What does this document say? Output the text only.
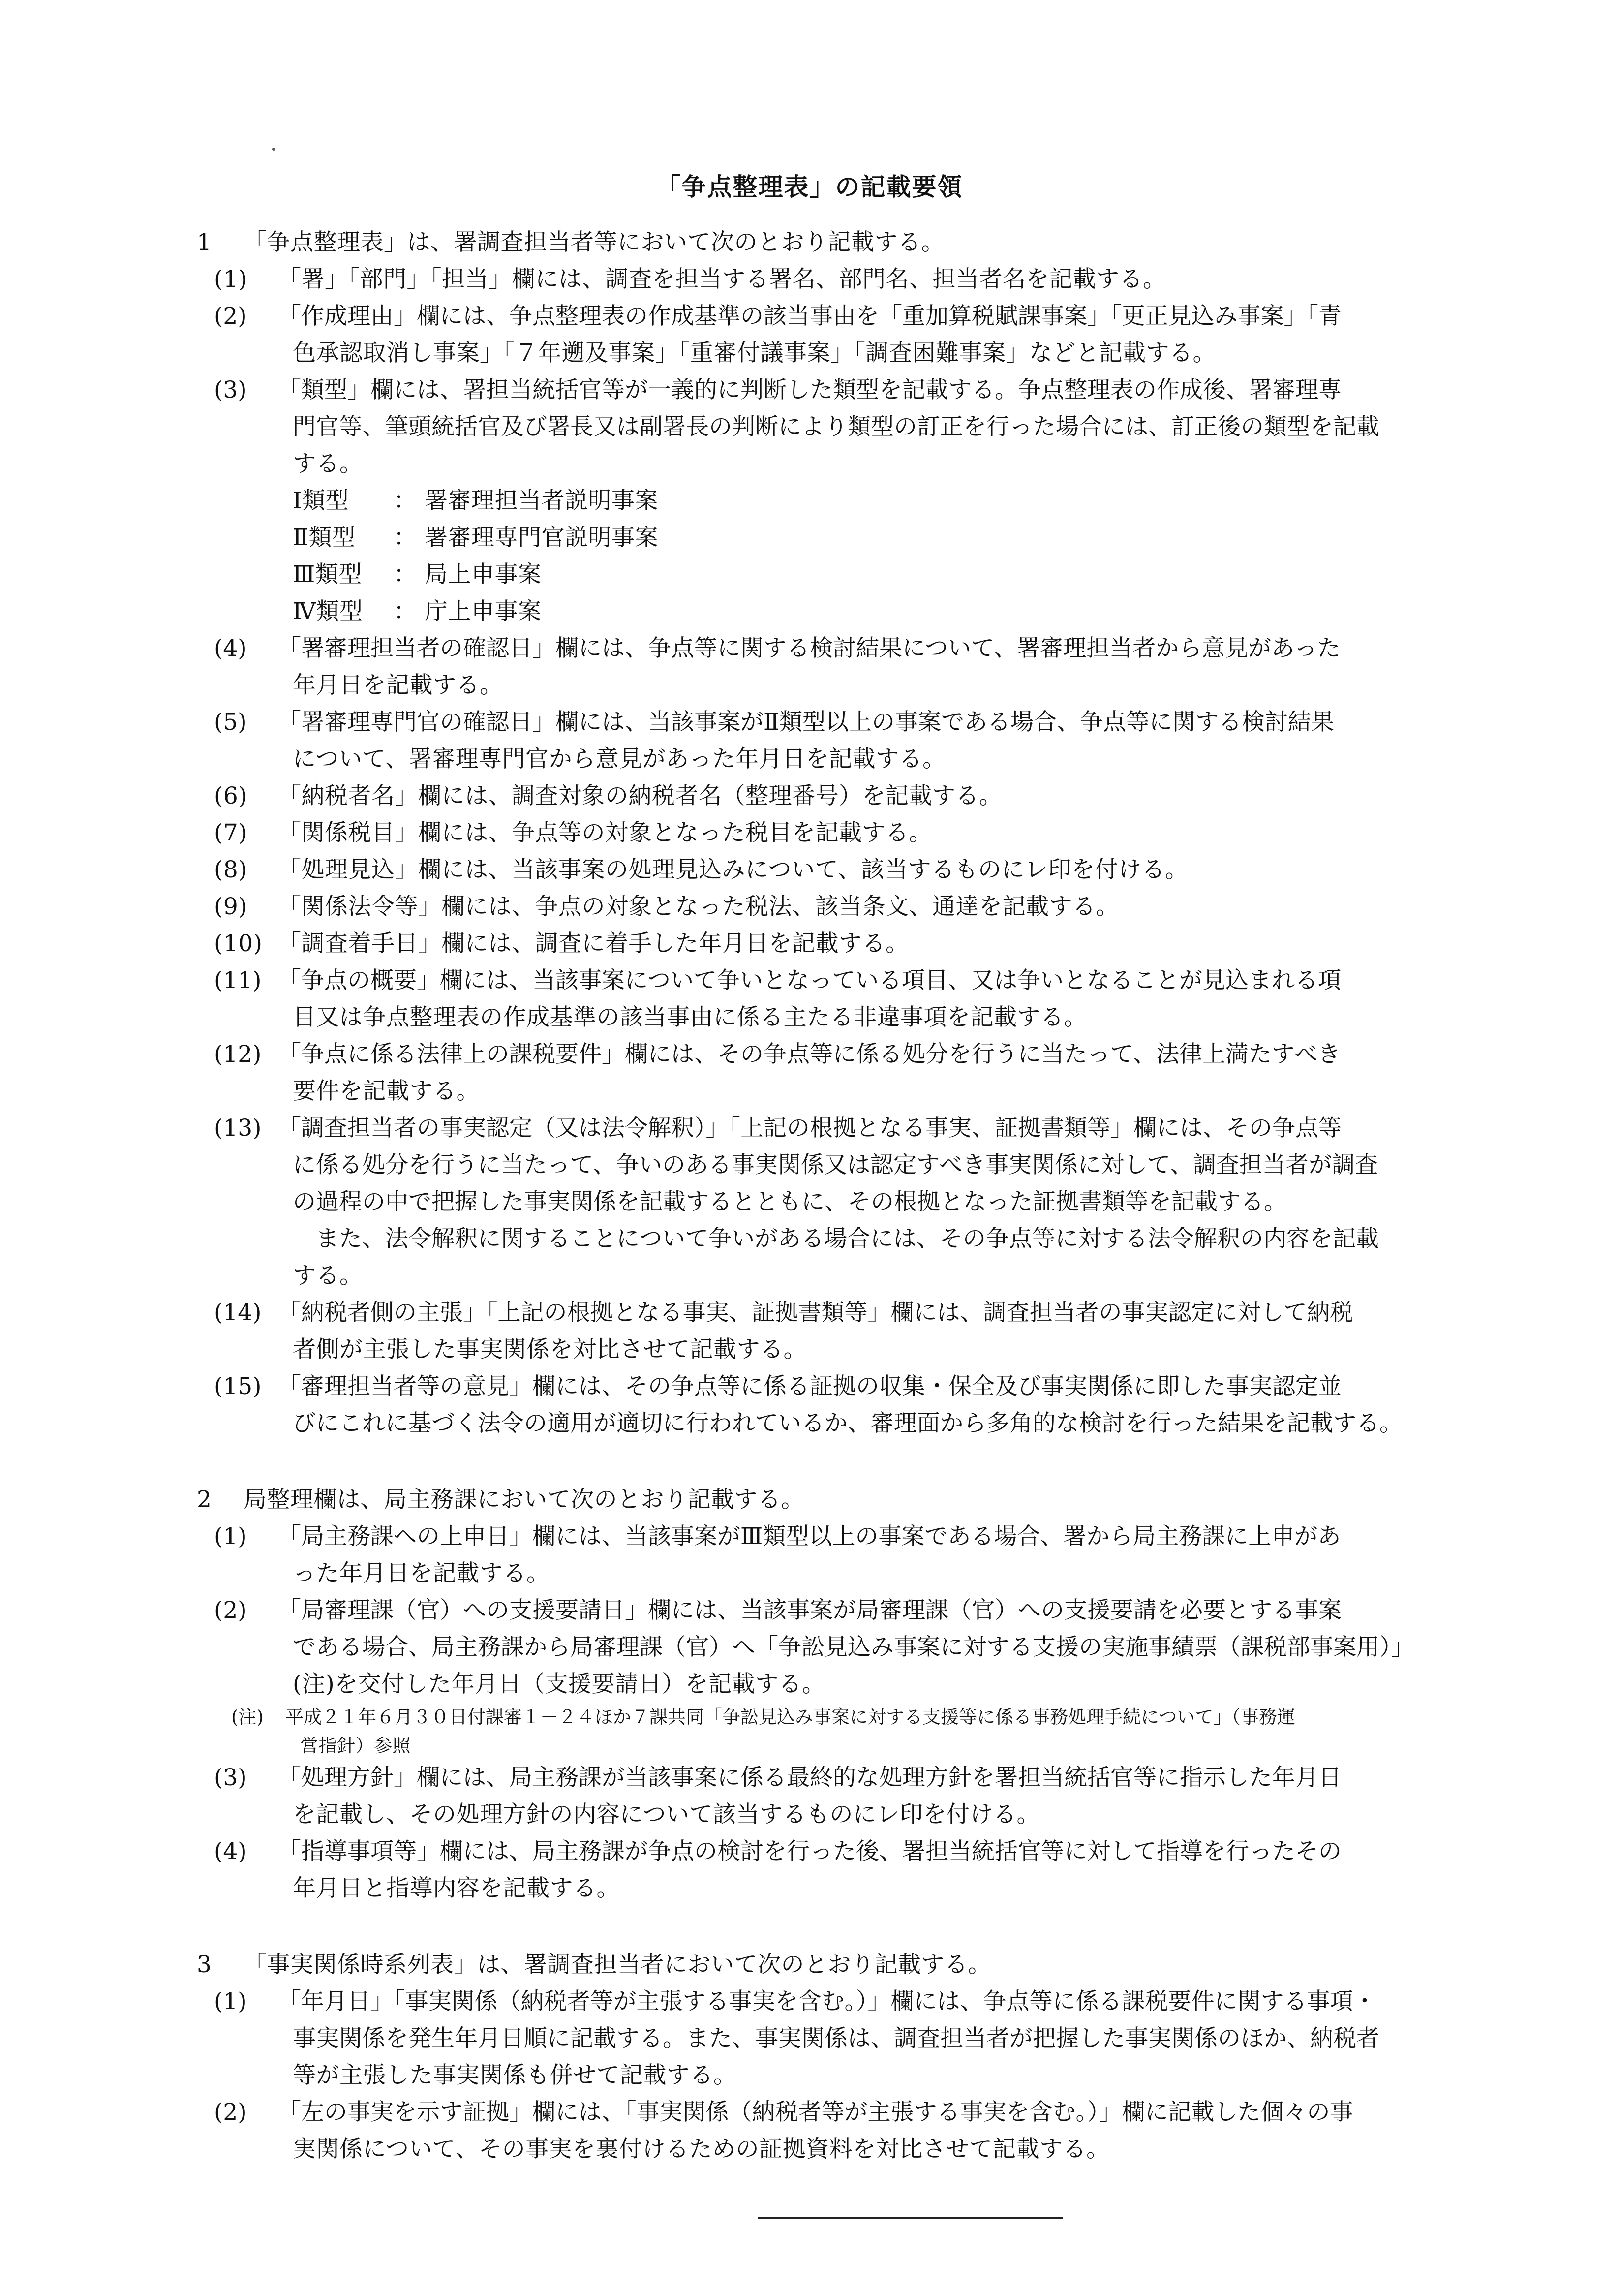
「争点整理表」の記載要領
1 「争点整理表」は、署調査担当者等において次のとおり記載する。
(1) 「署」「部門」「担当」欄には、調査を担当する署名、部門名、担当者名を記載する。
(2) 「作成理由」欄には、争点整理表の作成基準の該当事由を「重加算税賦課事案」「更正見込み事案」「青
色承認取消し事案」「７年遡及事案」「重審付議事案」「調査困難事案」などと記載する。
(3) 「類型」欄には、署担当統括官等が一義的に判断した類型を記載する。争点整理表の作成後、署審理専
門官等、筆頭統括官及び署長又は副署長の判断により類型の訂正を行った場合には、訂正後の類型を記載
する。
Ⅰ類型 ： 署審理担当者説明事案
Ⅱ類型 ： 署審理専門官説明事案
Ⅲ類型 ： 局上申事案
Ⅳ類型 ： 庁上申事案
(4) 「署審理担当者の確認日」欄には、争点等に関する検討結果について、署審理担当者から意見があった
年月日を記載する。
(5) 「署審理専門官の確認日」欄には、当該事案がⅡ類型以上の事案である場合、争点等に関する検討結果
について、署審理専門官から意見があった年月日を記載する。
(6) 「納税者名」欄には、調査対象の納税者名（整理番号）を記載する。
(7) 「関係税目」欄には、争点等の対象となった税目を記載する。
(8) 「処理見込」欄には、当該事案の処理見込みについて、該当するものにレ印を付ける。
(9) 「関係法令等」欄には、争点の対象となった税法、該当条文、通達を記載する。
(10) 「調査着手日」欄には、調査に着手した年月日を記載する。
(11) 「争点の概要」欄には、当該事案について争いとなっている項目、又は争いとなることが見込まれる項
目又は争点整理表の作成基準の該当事由に係る主たる非違事項を記載する。
(12) 「争点に係る法律上の課税要件」欄には、その争点等に係る処分を行うに当たって、法律上満たすべき
要件を記載する。
(13) 「調査担当者の事実認定（又は法令解釈）」「上記の根拠となる事実、証拠書類等」欄には、その争点等
に係る処分を行うに当たって、争いのある事実関係又は認定すべき事実関係に対して、調査担当者が調査
の過程の中で把握した事実関係を記載するとともに、その根拠となった証拠書類等を記載する。
　また、法令解釈に関することについて争いがある場合には、その争点等に対する法令解釈の内容を記載
する。
(14) 「納税者側の主張」「上記の根拠となる事実、証拠書類等」欄には、調査担当者の事実認定に対して納税
者側が主張した事実関係を対比させて記載する。
(15) 「審理担当者等の意見」欄には、その争点等に係る証拠の収集・保全及び事実関係に即した事実認定並
びにこれに基づく法令の適用が適切に行われているか、審理面から多角的な検討を行った結果を記載する。
2 局整理欄は、局主務課において次のとおり記載する。
(1) 「局主務課への上申日」欄には、当該事案がⅢ類型以上の事案である場合、署から局主務課に上申があ
った年月日を記載する。
(2) 「局審理課（官）への支援要請日」欄には、当該事案が局審理課（官）への支援要請を必要とする事案
である場合、局主務課から局審理課（官）へ「争訟見込み事案に対する支援の実施事績票（課税部事案用）」
(注)を交付した年月日（支援要請日）を記載する。
(注) 平成２１年６月３０日付課審１－２４ほか７課共同「争訟見込み事案に対する支援等に係る事務処理手続について」（事務運
営指針）参照
(3) 「処理方針」欄には、局主務課が当該事案に係る最終的な処理方針を署担当統括官等に指示した年月日
を記載し、その処理方針の内容について該当するものにレ印を付ける。
(4) 「指導事項等」欄には、局主務課が争点の検討を行った後、署担当統括官等に対して指導を行ったその
年月日と指導内容を記載する。
3 「事実関係時系列表」は、署調査担当者において次のとおり記載する。
(1) 「年月日」「事実関係（納税者等が主張する事実を含む。）」欄には、争点等に係る課税要件に関する事項・
事実関係を発生年月日順に記載する。また、事実関係は、調査担当者が把握した事実関係のほか、納税者
等が主張した事実関係も併せて記載する。
(2) 「左の事実を示す証拠」欄には、「事実関係（納税者等が主張する事実を含む。）」欄に記載した個々の事
実関係について、その事実を裏付けるための証拠資料を対比させて記載する。
